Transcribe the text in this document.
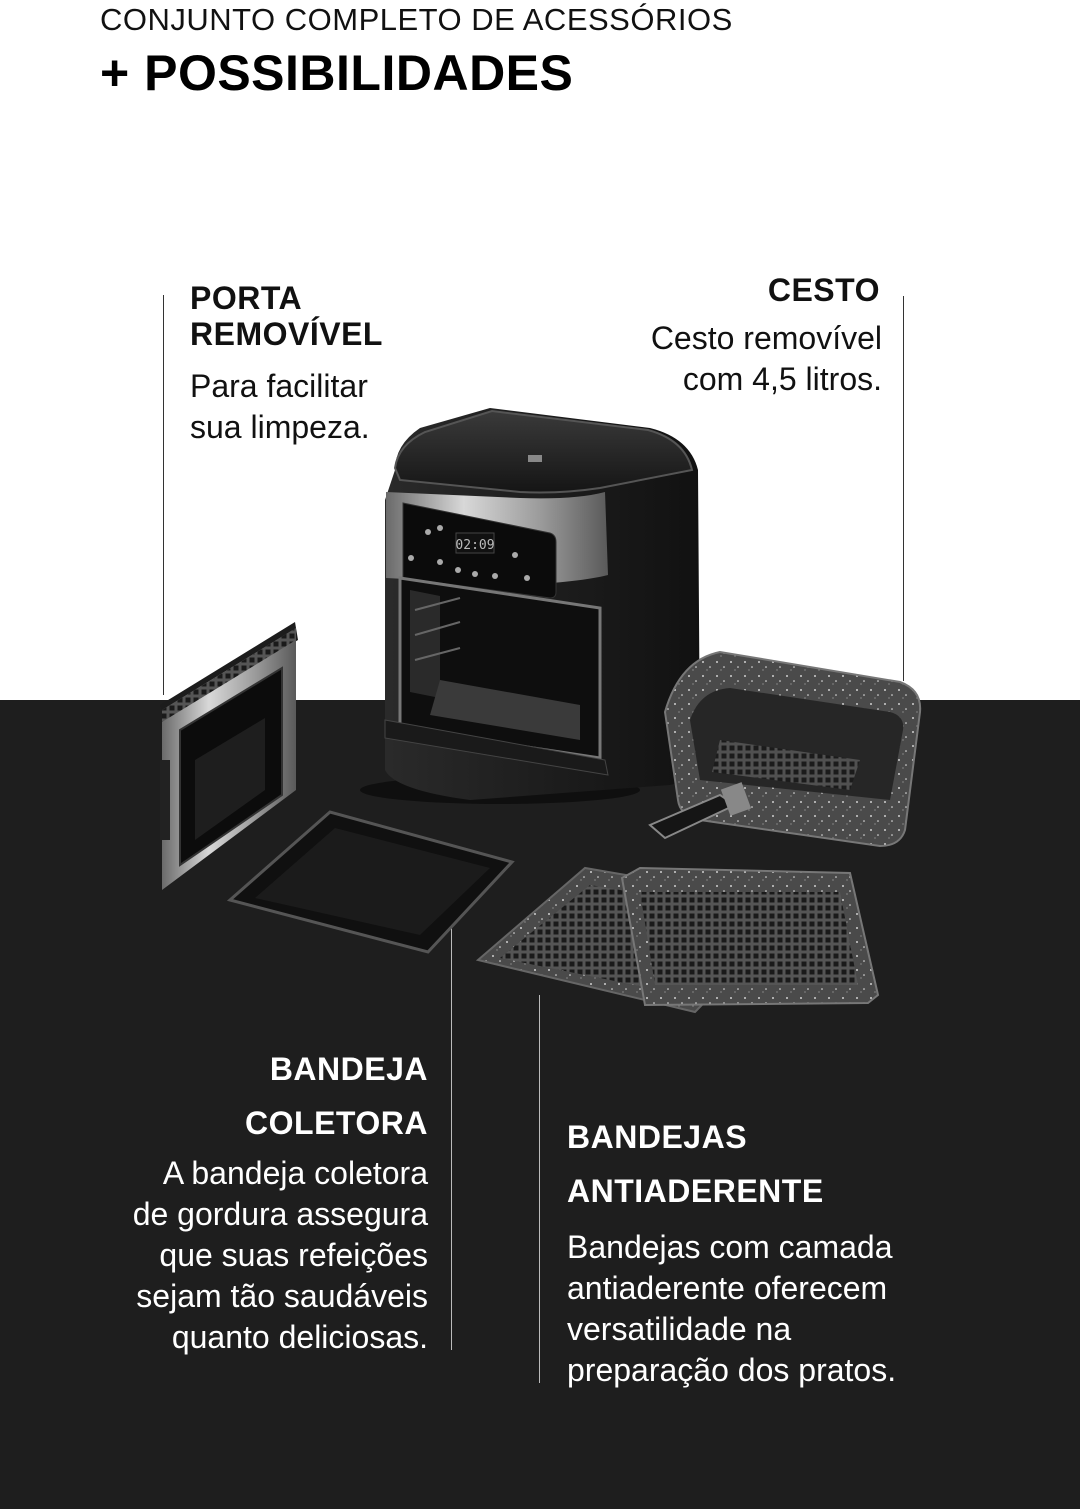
CONJUNTO COMPLETO DE ACESSÓRIOS
+ POSSIBILIDADES
02:09
PORTA
REMOVÍVEL
Para facilitar
sua limpeza.
CESTO
Cesto removível
com 4,5 litros.
BANDEJA
COLETORA
A bandeja coletora
de gordura assegura
que suas refeições
sejam tão saudáveis
quanto deliciosas.
BANDEJAS
ANTIADERENTE
Bandejas com camada
antiaderente oferecem
versatilidade na
preparação dos pratos.
